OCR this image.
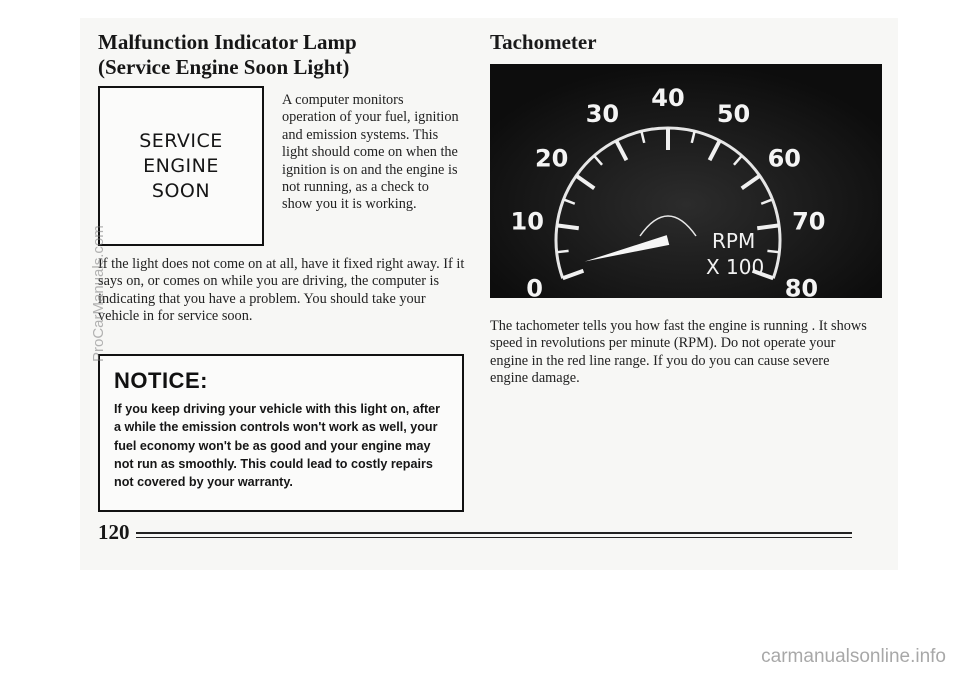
Malfunction Indicator Lamp
(Service Engine Soon Light)
SERVICE
ENGINE
SOON

A computer monitors operation of your fuel, ignition and emission systems. This light should come on when the ignition is on and the engine is not running, as a check to show you it is working.

If the light does not come on at all, have it fixed right away. If it says on, or comes on while you are driving, the computer is indicating that you have a problem. You should take your vehicle in for service soon.

NOTICE:

If you keep driving your vehicle with this light on, after a while the emission controls won't work as well, your fuel economy won't be as good and your engine may not run as smoothly. This could lead to costly repairs not covered by your warranty.

Tachometer
0
10
20
30
40
50
60
70
80
RPM
X 100

The tachometer tells you how fast the engine is running . It shows speed in revolutions per minute (RPM). Do not operate your engine in the red line range. If you do you can cause severe engine damage.

120

ProCarManuals.com
carmanualsonline.info
